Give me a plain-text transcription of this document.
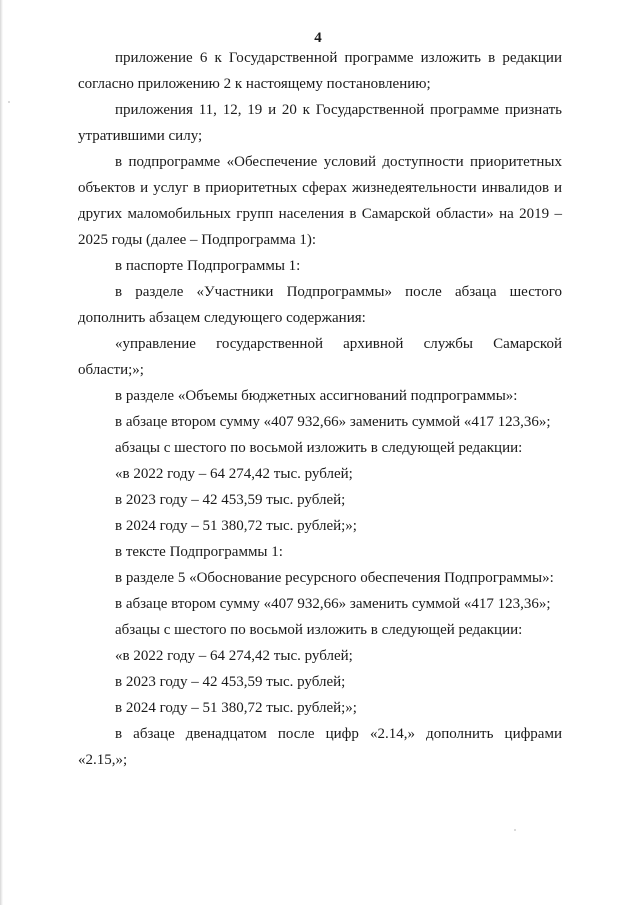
4

приложение 6 к Государственной программе изложить в редакции согласно приложению 2 к настоящему постановлению;

приложения 11, 12, 19 и 20 к Государственной программе признать утратившими силу;

в подпрограмме «Обеспечение условий доступности приоритетных объектов и услуг в приоритетных сферах жизнедеятельности инвалидов и других маломобильных групп населения в Самарской области» на 2019 – 2025 годы (далее – Подпрограмма 1):

в паспорте Подпрограммы 1:

в разделе «Участники Подпрограммы» после абзаца шестого дополнить абзацем следующего содержания:

«управление государственной архивной службы Самарской области;»;

в разделе «Объемы бюджетных ассигнований подпрограммы»:

в абзаце втором сумму «407 932,66» заменить суммой «417 123,36»;

абзацы с шестого по восьмой изложить в следующей редакции:

«в 2022 году – 64 274,42 тыс. рублей;

в 2023 году – 42 453,59 тыс. рублей;

в 2024 году – 51 380,72 тыс. рублей;»;

в тексте Подпрограммы 1:

в разделе 5 «Обоснование ресурсного обеспечения Подпрограммы»:

в абзаце втором сумму «407 932,66» заменить суммой «417 123,36»;

абзацы с шестого по восьмой изложить в следующей редакции:

«в 2022 году – 64 274,42 тыс. рублей;

в 2023 году – 42 453,59 тыс. рублей;

в 2024 году – 51 380,72 тыс. рублей;»;

в абзаце двенадцатом после цифр «2.14,» дополнить цифрами «2.15,»;
